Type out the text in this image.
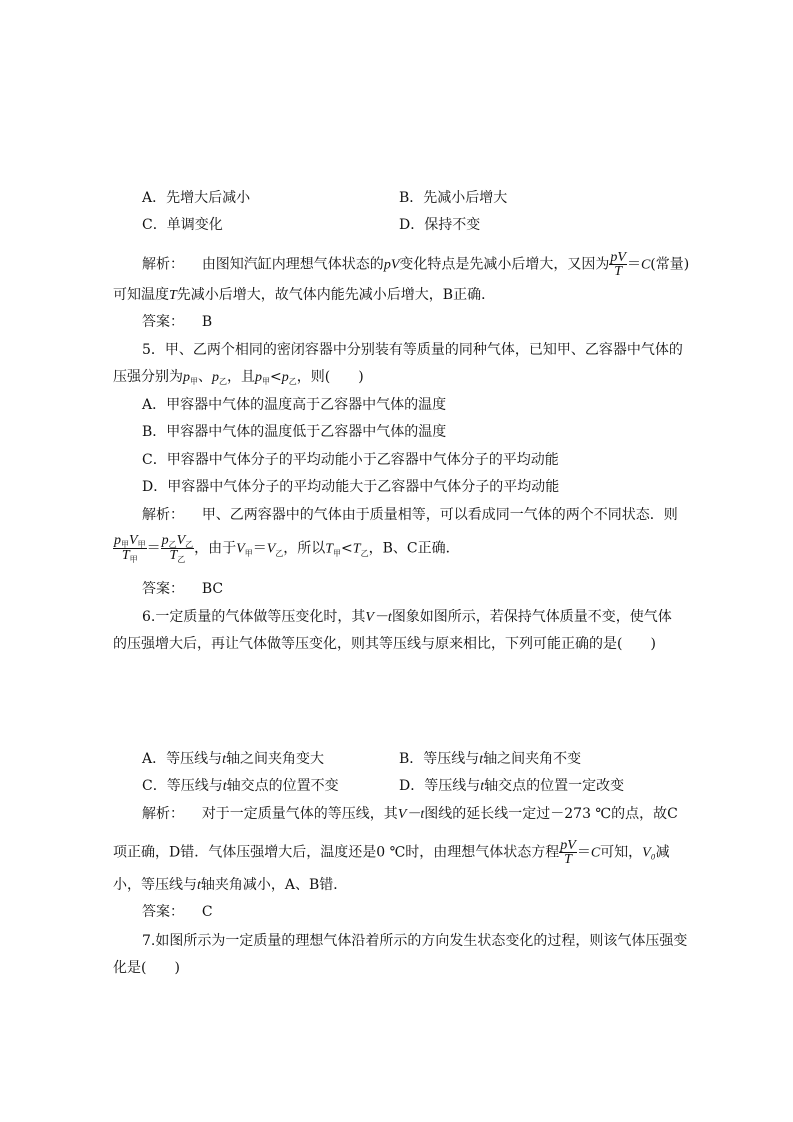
A．先增大后减小	B．先减小后增大
C．单调变化	D．保持不变
解析： 由图知汽缸内理想气体状态的pV变化特点是先减小后增大，又因为 $\frac{pV}{T} =C$(常量)
可知温度T先减小后增大，故气体内能先减小后增大，B正确．
答案： B
5．甲、乙两个相同的密闭容器中分别装有等质量的同种气体，已知甲、乙容器中气体的
压强分别为$p_甲$、$p_乙$，且$p_甲<p_乙$，则(　　)
A．甲容器中气体的温度高于乙容器中气体的温度
B．甲容器中气体的温度低于乙容器中气体的温度
C．甲容器中气体分子的平均动能小于乙容器中气体分子的平均动能
D．甲容器中气体分子的平均动能大于乙容器中气体分子的平均动能
解析： 甲、乙两容器中的气体由于质量相等，可以看成同一气体的两个不同状态．则
$\frac{p_甲V_甲}{T_甲} = \frac{p_乙V_乙}{T_乙}$ ，由于$V_甲=V_乙$，所以$T_甲<T_乙$，B、C正确．
答案： BC
6.一定质量的气体做等压变化时，其V－t图象如图所示，若保持气体质量不变，使气体
的压强增大后，再让气体做等压变化，则其等压线与原来相比，下列可能正确的是(　　)
A．等压线与t轴之间夹角变大	B．等压线与t轴之间夹角不变
C．等压线与t轴交点的位置不变	D．等压线与t轴交点的位置一定改变
解析： 对于一定质量气体的等压线，其V－t图线的延长线一定过－273 ℃的点，故C
项正确，D错．气体压强增大后，温度还是0 ℃时，由理想气体状态方程 $\frac{pV}{T} =C$可知，V₀减
小，等压线与t轴夹角减小，A、B错．
答案： C
7.如图所示为一定质量的理想气体沿着所示的方向发生状态变化的过程，则该气体压强变
化是(　　)
